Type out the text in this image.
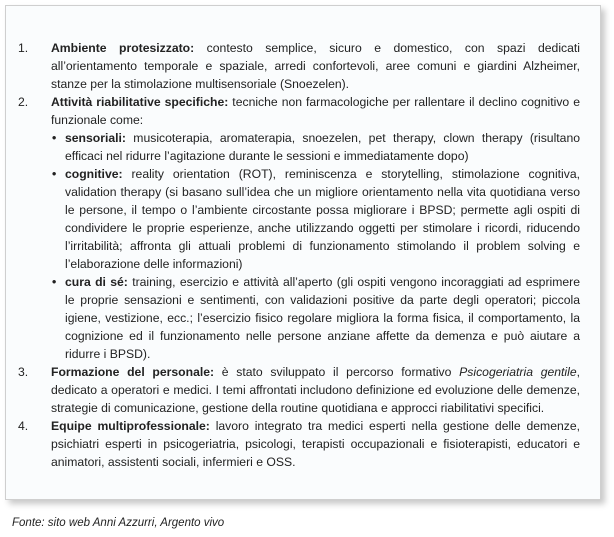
1. Ambiente protesizzato: contesto semplice, sicuro e domestico, con spazi dedicati all’orientamento temporale e spaziale, arredi confortevoli, aree comuni e giardini Alzheimer, stanze per la stimolazione multisensoriale (Snoezelen).
2. Attività riabilitative specifiche: tecniche non farmacologiche per rallentare il declino cognitivo e funzionale come:
• sensoriali: musicoterapia, aromaterapia, snoezelen, pet therapy, clown therapy (risultano efficaci nel ridurre l’agitazione durante le sessioni e immediatamente dopo)
• cognitive: reality orientation (ROT), reminiscenza e storytelling, stimolazione cognitiva, validation therapy (si basano sull’idea che un migliore orientamento nella vita quotidiana verso le persone, il tempo o l’ambiente circostante possa migliorare i BPSD; permette agli ospiti di condividere le proprie esperienze, anche utilizzando oggetti per stimolare i ricordi, riducendo l’irritabilità; affronta gli attuali problemi di funzionamento stimolando il problem solving e l’elaborazione delle informazioni)
• cura di sé: training, esercizio e attività all’aperto (gli ospiti vengono incoraggiati ad esprimere le proprie sensazioni e sentimenti, con validazioni positive da parte degli operatori; piccola igiene, vestizione, ecc.; l’esercizio fisico regolare migliora la forma fisica, il comportamento, la cognizione ed il funzionamento nelle persone anziane affette da demenza e può aiutare a ridurre i BPSD).
3. Formazione del personale: è stato sviluppato il percorso formativo Psicogeriatria gentile, dedicato a operatori e medici. I temi affrontati includono definizione ed evoluzione delle demenze, strategie di comunicazione, gestione della routine quotidiana e approcci riabilitativi specifici.
4. Equipe multiprofessionale: lavoro integrato tra medici esperti nella gestione delle demenze, psichiatri esperti in psicogeriatria, psicologi, terapisti occupazionali e fisioterapisti, educatori e animatori, assistenti sociali, infermieri e OSS.
Fonte: sito web Anni Azzurri, Argento vivo
